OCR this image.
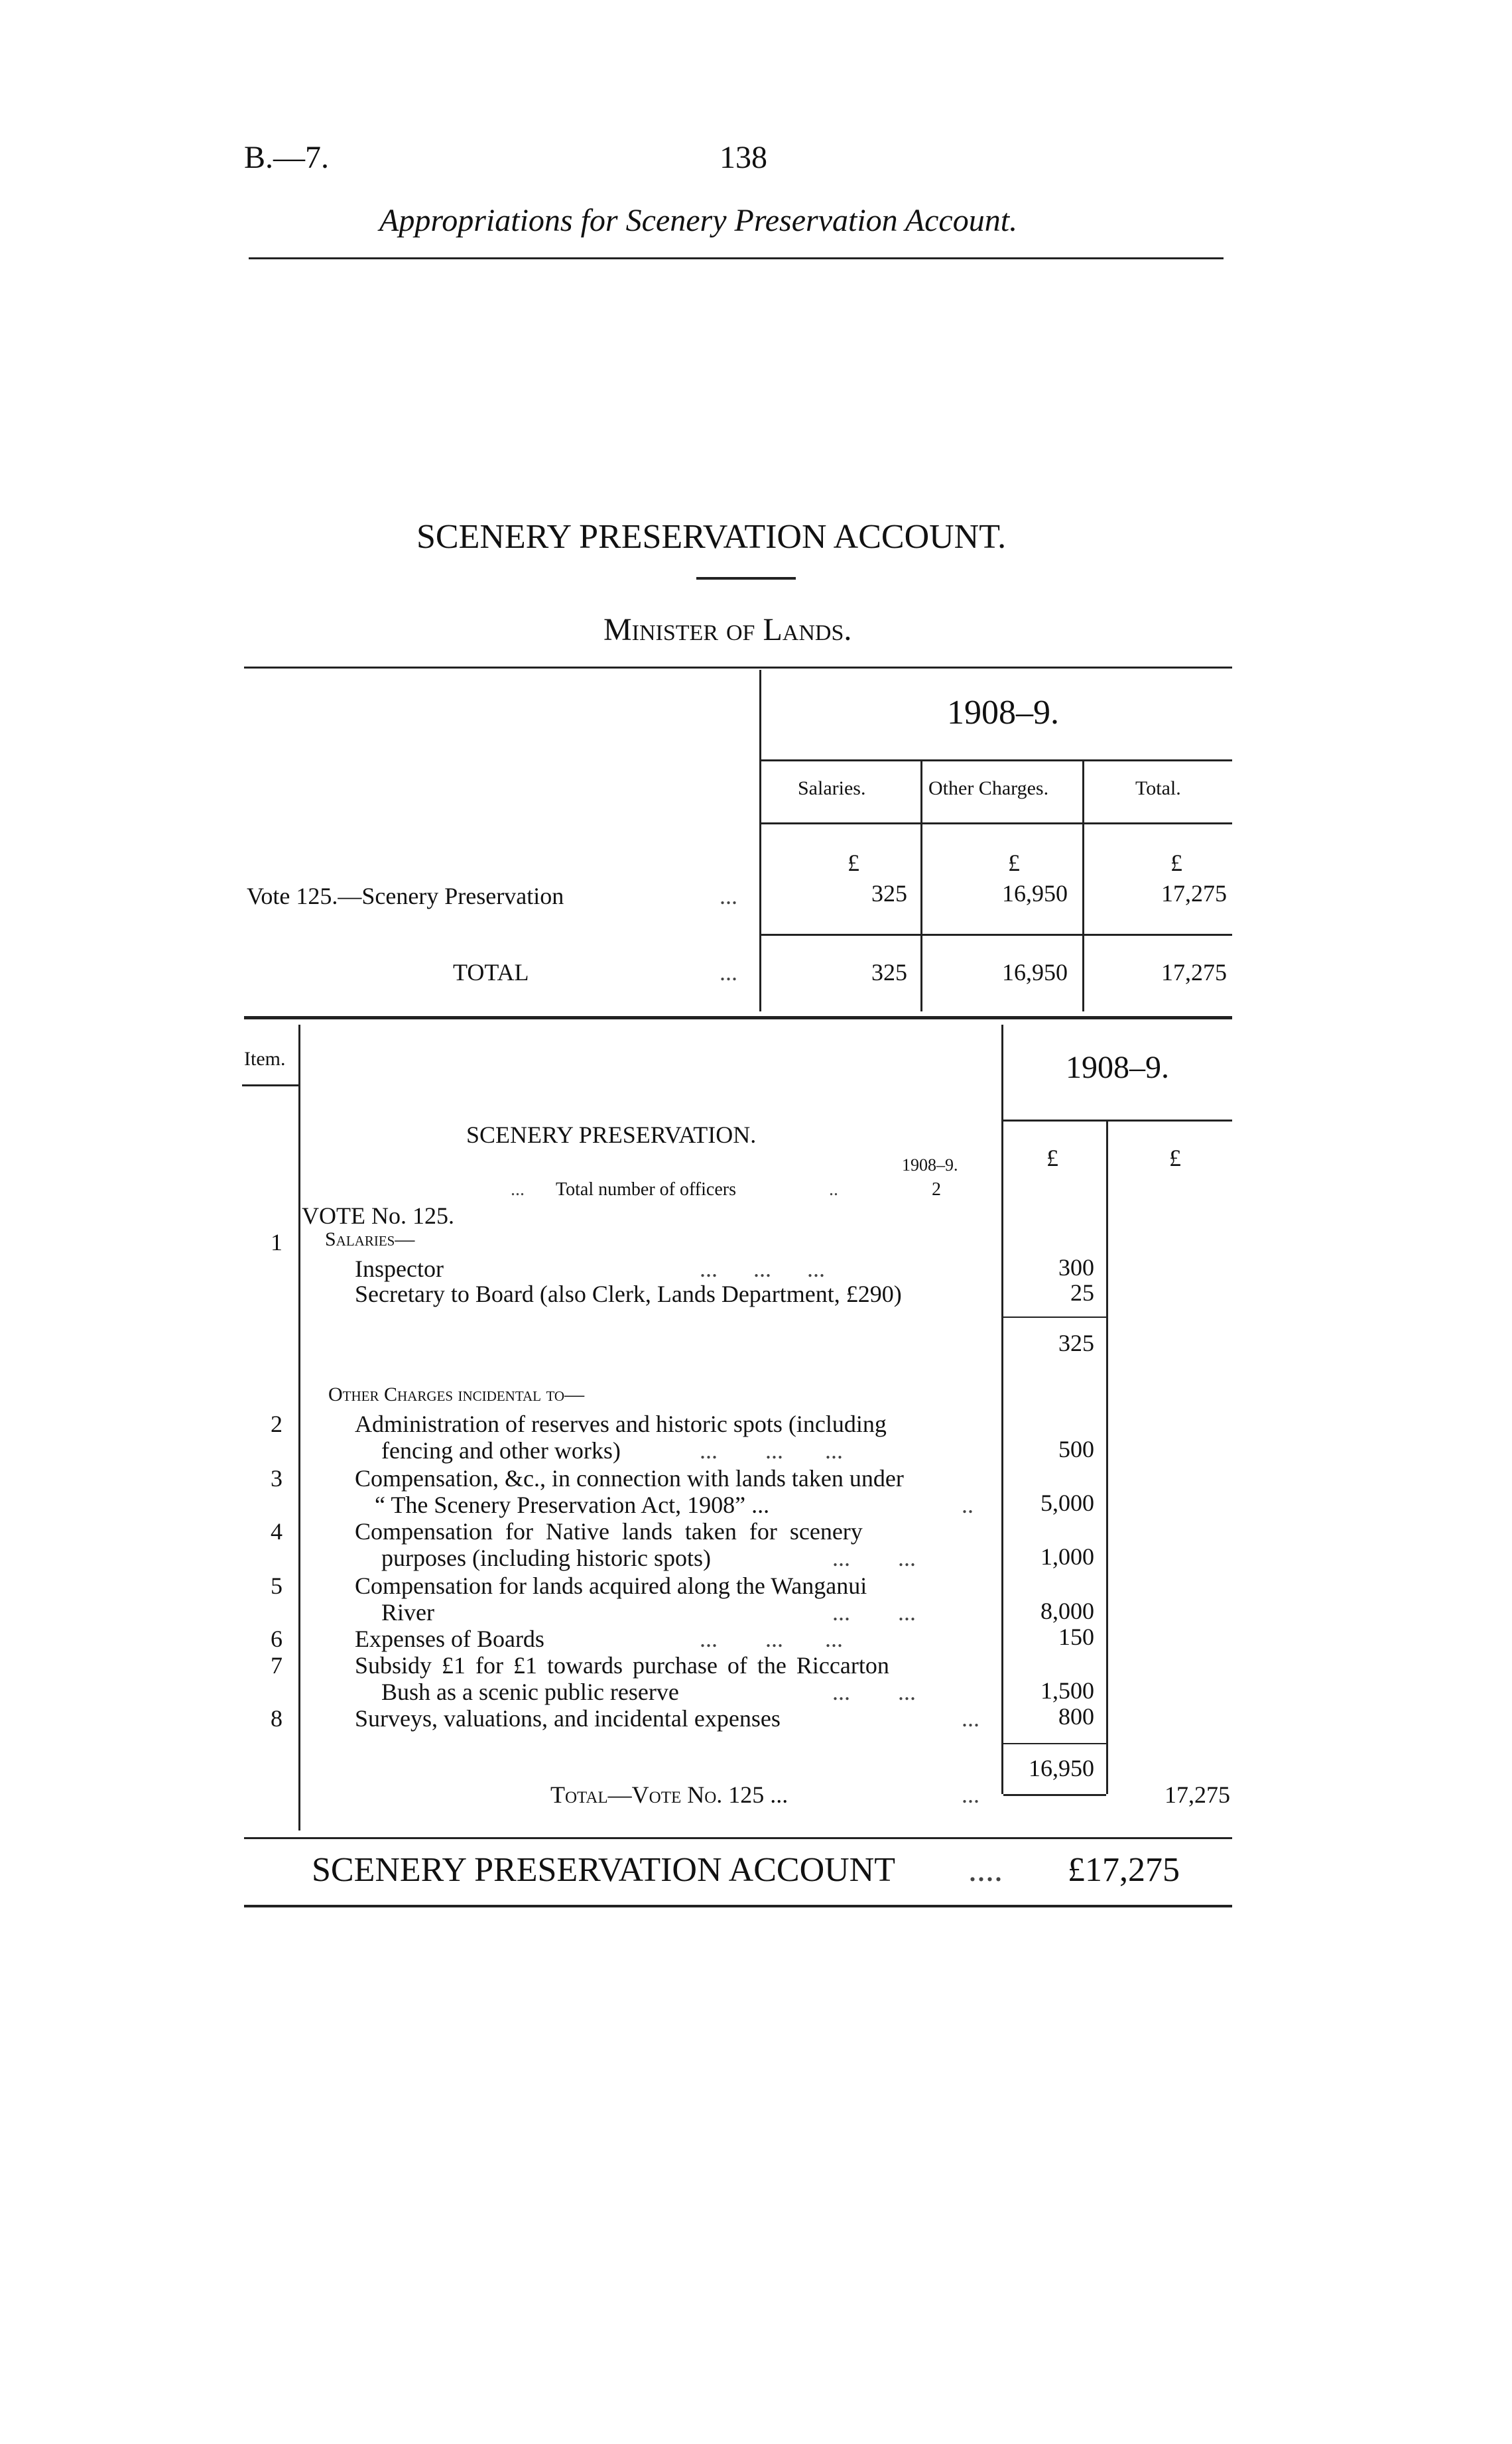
B.—7.	138
Appropriations for Scenery Preservation Account.
SCENERY PRESERVATION ACCOUNT.
Minister of Lands.
1908–9.
Salaries.	Other Charges.	Total.
£	£	£
Vote 125.—Scenery Preservation	...	325	16,950	17,275
TOTAL	...	325	16,950	17,275
Item.	1908–9.
£	£
SCENERY PRESERVATION.
1908–9.
... Total number of officers	..	2
VOTE No. 125.
Salaries—
1
Inspector	...      ...      ...	300
Secretary to Board (also Clerk, Lands Department, £290)	25
325
Other Charges incidental to—
2	Administration of reserves and historic spots (including
fencing and other works)	...        ...       ...	500
3	Compensation, &c., in connection with lands taken under
“ The Scenery Preservation Act, 1908” ...	..	5,000
4	Compensation for Native lands taken for scenery
purposes (including historic spots)	...        ...	1,000
5	Compensation for lands acquired along the Wanganui
River	...        ...	8,000
6	Expenses of Boards	...        ...       ...	150
7	Subsidy £1 for £1 towards purchase of the Riccarton
Bush as a scenic public reserve	...        ...	1,500
8	Surveys, valuations, and incidental expenses	...	800
16,950
Total—Vote No. 125 ...	...	17,275
SCENERY PRESERVATION ACCOUNT .... £17,275
